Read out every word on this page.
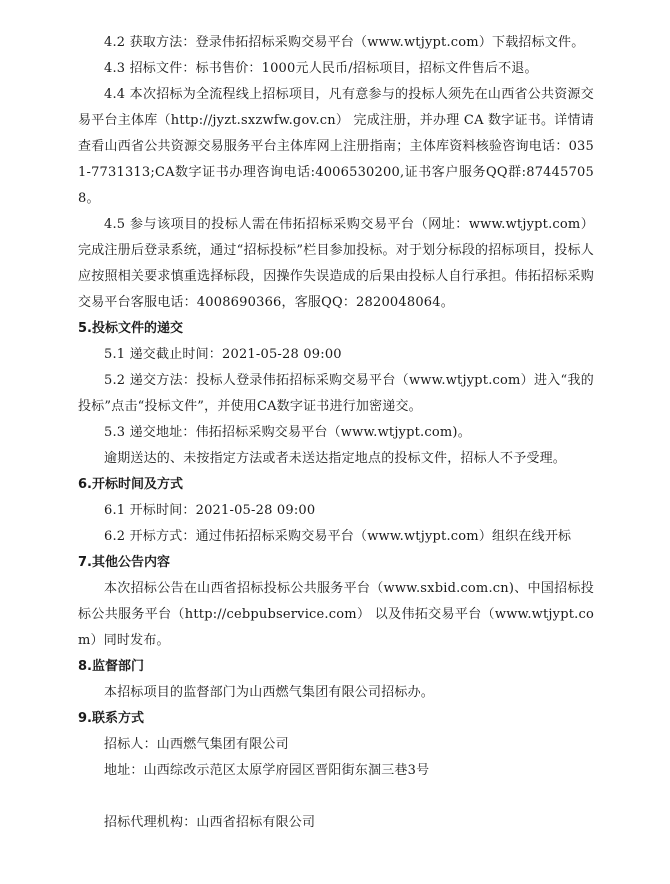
4.2 获取方法：登录伟拓招标采购交易平台（www.wtjypt.com）下载招标文件。

4.3 招标文件：标书售价：1000元人民币/招标项目，招标文件售后不退。

4.4 本次招标为全流程线上招标项目，凡有意参与的投标人须先在山西省公共资源交易平台主体库（http://jyzt.sxzwfw.gov.cn） 完成注册，并办理 CA 数字证书。详情请查看山西省公共资源交易服务平台主体库网上注册指南；主体库资料核验咨询电话：0351-7731313;CA数字证书办理咨询电话:4006530200,证书客户服务QQ群:874457058。

4.5 参与该项目的投标人需在伟拓招标采购交易平台（网址：www.wtjypt.com）完成注册后登录系统，通过“招标投标”栏目参加投标。对于划分标段的招标项目，投标人应按照相关要求慎重选择标段，因操作失误造成的后果由投标人自行承担。伟拓招标采购交易平台客服电话：4008690366，客服QQ：2820048064。

5.投标文件的递交

5.1 递交截止时间：2021-05-28 09:00

5.2 递交方法：投标人登录伟拓招标采购交易平台（www.wtjypt.com）进入“我的投标”点击“投标文件”，并使用CA数字证书进行加密递交。

5.3 递交地址：伟拓招标采购交易平台（www.wtjypt.com)。

逾期送达的、未按指定方法或者未送达指定地点的投标文件，招标人不予受理。

6.开标时间及方式

6.1 开标时间：2021-05-28 09:00

6.2 开标方式：通过伟拓招标采购交易平台（www.wtjypt.com）组织在线开标

7.其他公告内容

本次招标公告在山西省招标投标公共服务平台（www.sxbid.com.cn)、中国招标投标公共服务平台（http://cebpubservice.com） 以及伟拓交易平台（www.wtjypt.com）同时发布。

8.监督部门

本招标项目的监督部门为山西燃气集团有限公司招标办。

9.联系方式

招标人：山西燃气集团有限公司

地址：山西综改示范区太原学府园区晋阳街东涸三巷3号

招标代理机构：山西省招标有限公司
